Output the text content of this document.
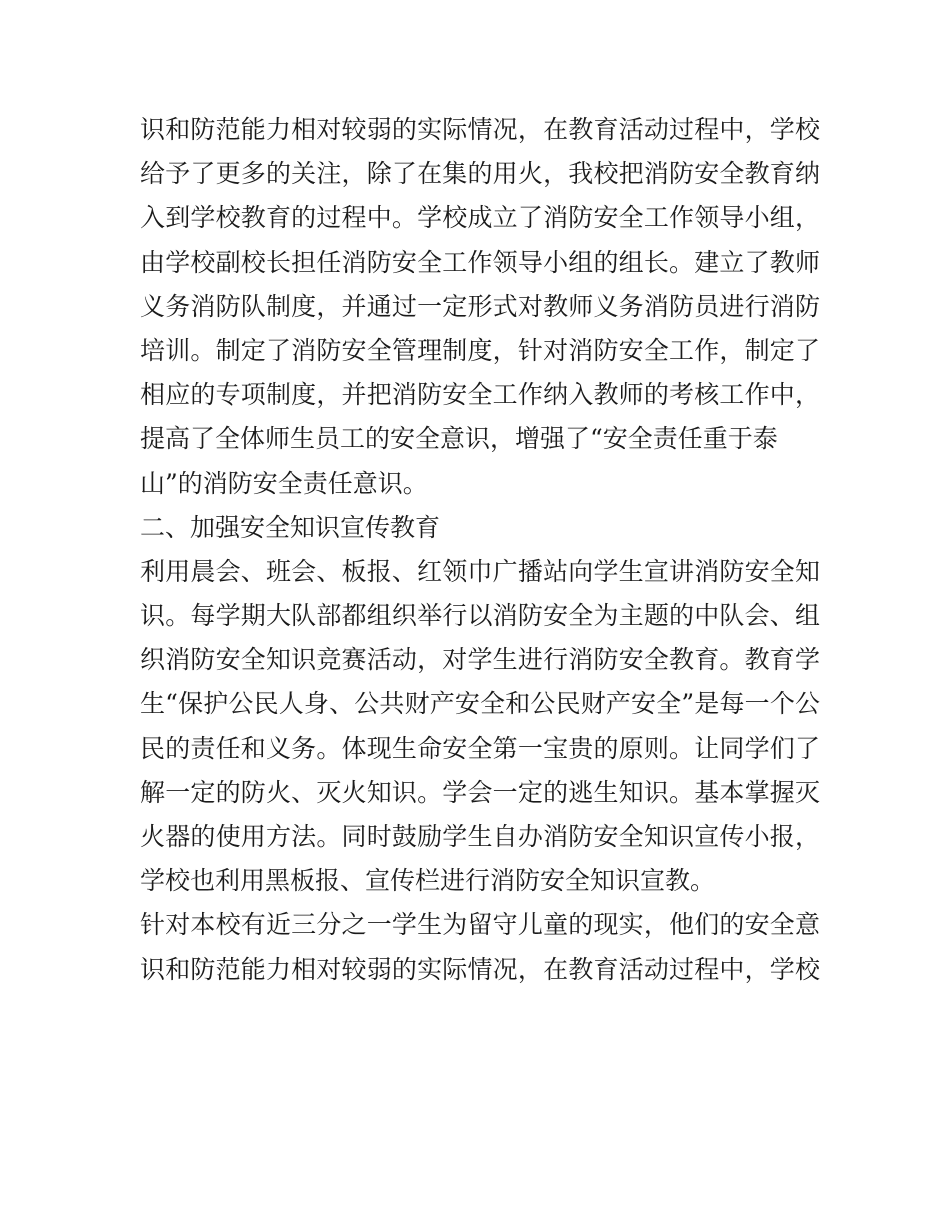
识和防范能力相对较弱的实际情况，在教育活动过程中，学校
给予了更多的关注，除了在集的用火，我校把消防安全教育纳
入到学校教育的过程中。学校成立了消防安全工作领导小组，
由学校副校长担任消防安全工作领导小组的组长。建立了教师
义务消防队制度，并通过一定形式对教师义务消防员进行消防
培训。制定了消防安全管理制度，针对消防安全工作，制定了
相应的专项制度，并把消防安全工作纳入教师的考核工作中，
提高了全体师生员工的安全意识，增强了“安全责任重于泰
山”的消防安全责任意识。
二、加强安全知识宣传教育
利用晨会、班会、板报、红领巾广播站向学生宣讲消防安全知
识。每学期大队部都组织举行以消防安全为主题的中队会、组
织消防安全知识竞赛活动，对学生进行消防安全教育。教育学
生“保护公民人身、公共财产安全和公民财产安全”是每一个公
民的责任和义务。体现生命安全第一宝贵的原则。让同学们了
解一定的防火、灭火知识。学会一定的逃生知识。基本掌握灭
火器的使用方法。同时鼓励学生自办消防安全知识宣传小报，
学校也利用黑板报、宣传栏进行消防安全知识宣教。
针对本校有近三分之一学生为留守儿童的现实，他们的安全意
识和防范能力相对较弱的实际情况，在教育活动过程中，学校
